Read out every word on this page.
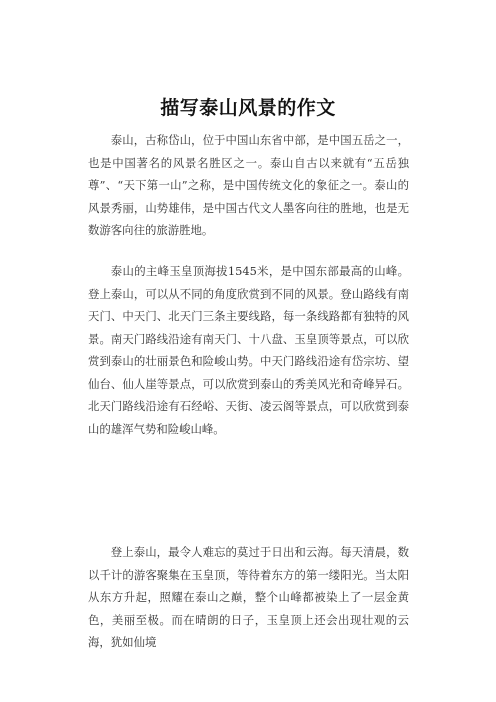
描写泰山风景的作文

泰山，古称岱山，位于中国山东省中部，是中国五岳之一，也是中国著名的风景名胜区之一。泰山自古以来就有“五岳独尊”、“天下第一山”之称，是中国传统文化的象征之一。泰山的风景秀丽，山势雄伟，是中国古代文人墨客向往的胜地，也是无数游客向往的旅游胜地。

泰山的主峰玉皇顶海拔1545米，是中国东部最高的山峰。登上泰山，可以从不同的角度欣赏到不同的风景。登山路线有南天门、中天门、北天门三条主要线路，每一条线路都有独特的风景。南天门路线沿途有南天门、十八盘、玉皇顶等景点，可以欣赏到泰山的壮丽景色和险峻山势。中天门路线沿途有岱宗坊、望仙台、仙人崖等景点，可以欣赏到泰山的秀美风光和奇峰异石。北天门路线沿途有石经峪、天街、凌云阁等景点，可以欣赏到泰山的雄浑气势和险峻山峰。

登上泰山，最令人难忘的莫过于日出和云海。每天清晨，数以千计的游客聚集在玉皇顶，等待着东方的第一缕阳光。当太阳从东方升起，照耀在泰山之巅，整个山峰都被染上了一层金黄色，美丽至极。而在晴朗的日子，玉皇顶上还会出现壮观的云海，犹如仙境
